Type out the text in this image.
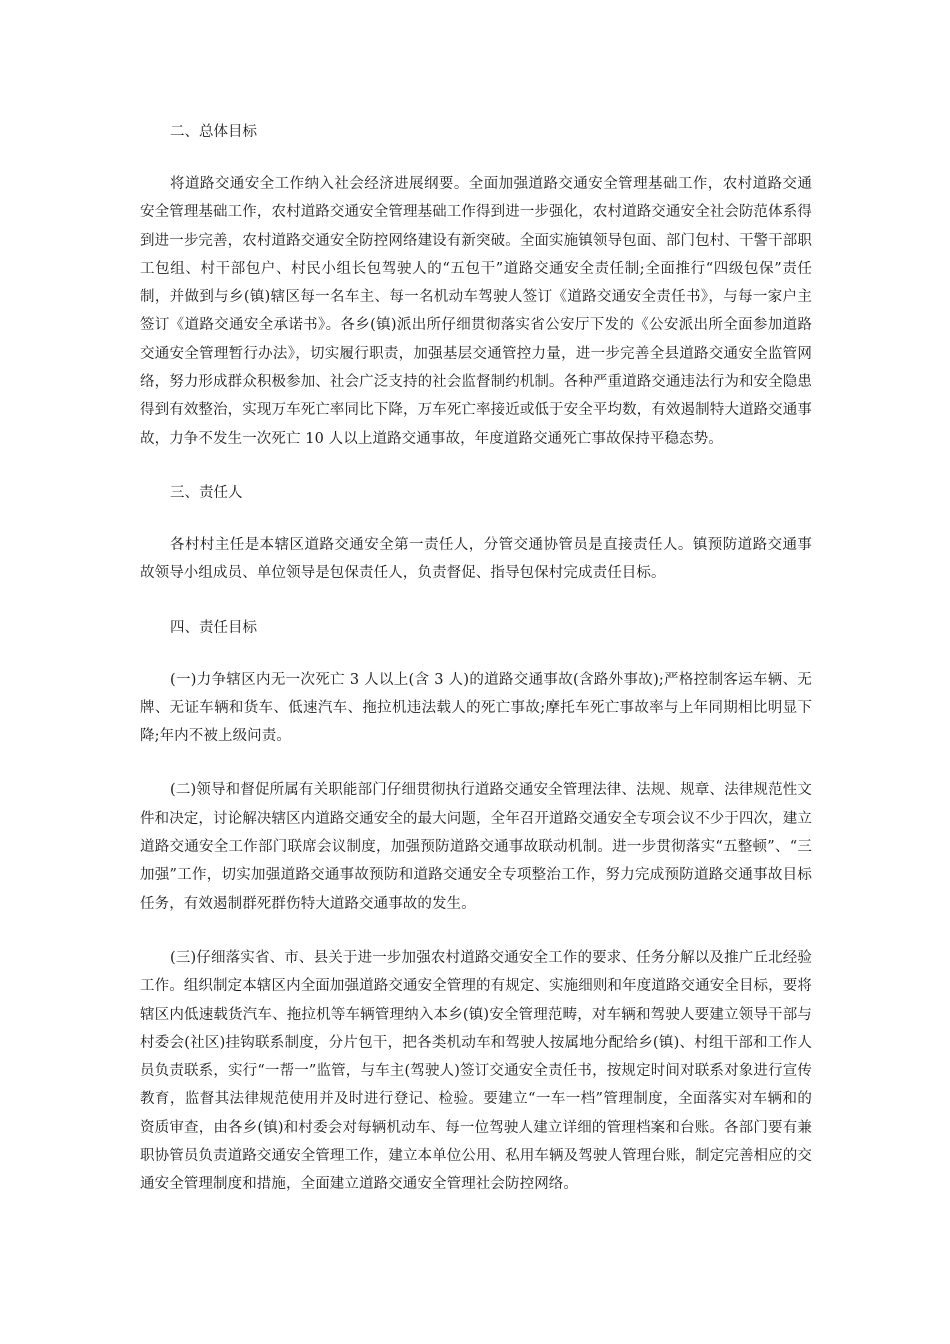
二、总体目标

将道路交通安全工作纳入社会经济进展纲要。全面加强道路交通安全管理基础工作，农村道路交通安全管理基础工作，农村道路交通安全管理基础工作得到进一步强化，农村道路交通安全社会防范体系得到进一步完善，农村道路交通安全防控网络建设有新突破。全面实施镇领导包面、部门包村、干警干部职工包组、村干部包户、村民小组长包驾驶人的“五包干”道路交通安全责任制;全面推行“四级包保”责任制，并做到与乡(镇)辖区每一名车主、每一名机动车驾驶人签订《道路交通安全责任书》，与每一家户主签订《道路交通安全承诺书》。各乡(镇)派出所仔细贯彻落实省公安厅下发的《公安派出所全面参加道路交通安全管理暂行办法》，切实履行职责，加强基层交通管控力量，进一步完善全县道路交通安全监管网络，努力形成群众积极参加、社会广泛支持的社会监督制约机制。各种严重道路交通违法行为和安全隐患得到有效整治，实现万车死亡率同比下降，万车死亡率接近或低于安全平均数，有效遏制特大道路交通事故，力争不发生一次死亡 10 人以上道路交通事故，年度道路交通死亡事故保持平稳态势。

三、责任人

各村村主任是本辖区道路交通安全第一责任人，分管交通协管员是直接责任人。镇预防道路交通事故领导小组成员、单位领导是包保责任人，负责督促、指导包保村完成责任目标。

四、责任目标

(一)力争辖区内无一次死亡 3 人以上(含 3 人)的道路交通事故(含路外事故);严格控制客运车辆、无牌、无证车辆和货车、低速汽车、拖拉机违法载人的死亡事故;摩托车死亡事故率与上年同期相比明显下降;年内不被上级问责。

(二)领导和督促所属有关职能部门仔细贯彻执行道路交通安全管理法律、法规、规章、法律规范性文件和决定，讨论解决辖区内道路交通安全的最大问题，全年召开道路交通安全专项会议不少于四次，建立道路交通安全工作部门联席会议制度，加强预防道路交通事故联动机制。进一步贯彻落实“五整顿”、“三加强”工作，切实加强道路交通事故预防和道路交通安全专项整治工作，努力完成预防道路交通事故目标任务，有效遏制群死群伤特大道路交通事故的发生。

(三)仔细落实省、市、县关于进一步加强农村道路交通安全工作的要求、任务分解以及推广丘北经验工作。组织制定本辖区内全面加强道路交通安全管理的有规定、实施细则和年度道路交通安全目标，要将辖区内低速载货汽车、拖拉机等车辆管理纳入本乡(镇)安全管理范畴，对车辆和驾驶人要建立领导干部与村委会(社区)挂钩联系制度，分片包干，把各类机动车和驾驶人按属地分配给乡(镇)、村组干部和工作人员负责联系，实行“一帮一”监管，与车主(驾驶人)签订交通安全责任书，按规定时间对联系对象进行宣传教育，监督其法律规范使用并及时进行登记、检验。要建立“一车一档”管理制度，全面落实对车辆和的资质审查，由各乡(镇)和村委会对每辆机动车、每一位驾驶人建立详细的管理档案和台账。各部门要有兼职协管员负责道路交通安全管理工作，建立本单位公用、私用车辆及驾驶人管理台账，制定完善相应的交通安全管理制度和措施，全面建立道路交通安全管理社会防控网络。
